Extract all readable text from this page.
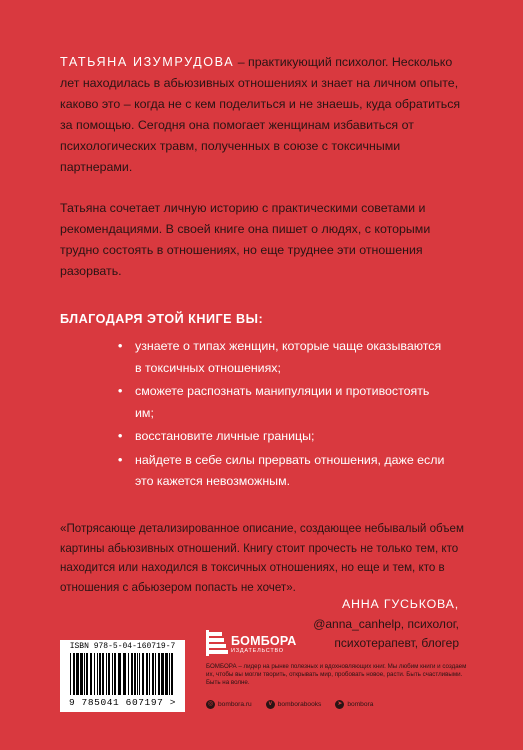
ТАТЬЯНА ИЗУМРУДОВА – практикующий психолог. Несколько лет находилась в абьюзивных отношениях и знает на личном опыте, каково это – когда не с кем поделиться и не знаешь, куда обратиться за помощью. Сегодня она помогает женщинам избавиться от психологических травм, полученных в союзе с токсичными партнерами.
Татьяна сочетает личную историю с практическими советами и рекомендациями. В своей книге она пишет о людях, с которыми трудно состоять в отношениях, но еще труднее эти отношения разорвать.
БЛАГОДАРЯ ЭТОЙ КНИГЕ ВЫ:
• узнаете о типах женщин, которые чаще оказываются в токсичных отношениях;
• сможете распознать манипуляции и противостоять им;
• восстановите личные границы;
• найдете в себе силы прервать отношения, даже если это кажется невозможным.
«Потрясающе детализированное описание, создающее небывалый объем картины абьюзивных отношений. Книгу стоит прочесть не только тем, кто находится или находился в токсичных отношениях, но еще и тем, кто в отношения с абьюзером попасть не хочет».
АННА ГУСЬКОВА,
@anna_canhelp, психолог,
психотерапевт, блогер
ISBN 978-5-04-160719-7
9 785041 607197 >
БОМБОРА
ИЗДАТЕЛЬСТВО
БОМБОРА – лидер на рынке полезных и вдохновляющих книг. Мы любим книги и создаем их, чтобы вы могли творить, открывать мир, пробовать новое, расти. Быть счастливыми. Быть на волне.
◎ bombora.ru	v bomborabooks	➤ bombora
